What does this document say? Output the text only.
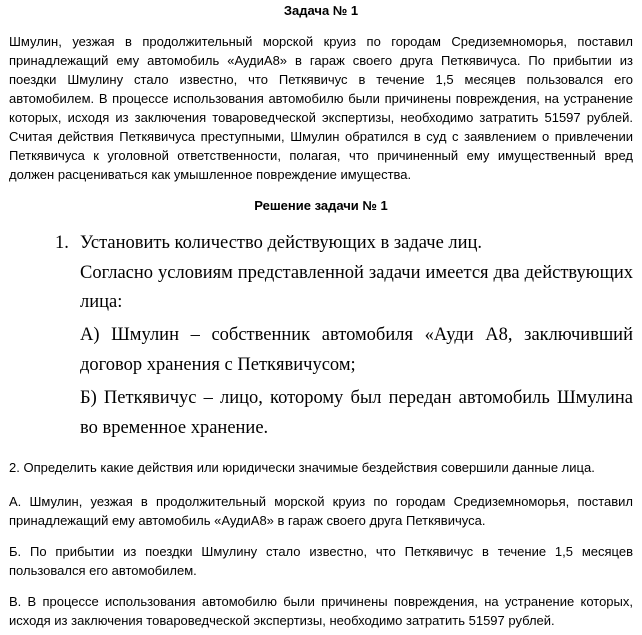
Задача № 1
Шмулин, уезжая в продолжительный морской круиз по городам Средиземноморья, поставил принадлежащий ему автомобиль «АудиА8» в гараж своего друга Петкявичуса. По прибытии из поездки Шмулину стало известно, что Петкявичус в течение 1,5 месяцев пользовался его автомобилем. В процессе использования автомобилю были причинены повреждения, на устранение которых, исходя из заключения товароведческой экспертизы, необходимо затратить 51597 рублей. Считая действия Петкявичуса преступными, Шмулин обратился в суд с заявлением о привлечении Петкявичуса к уголовной ответственности, полагая, что причиненный ему имущественный вред должен расцениваться как умышленное повреждение имущества.
Решение задачи № 1
1. Установить количество действующих в задаче лиц.
Согласно условиям представленной задачи имеется два действующих
лица:
А) Шмулин – собственник автомобиля «Ауди А8, заключивший
договор хранения с Петкявичусом;
Б) Петкявичус – лицо, которому был передан автомобиль Шмулина
во временное хранение.
2. Определить какие действия или юридически значимые бездействия совершили данные лица.
А. Шмулин, уезжая в продолжительный морской круиз по городам Средиземноморья, поставил принадлежащий ему автомобиль «АудиА8» в гараж своего друга Петкявичуса.
Б. По прибытии из поездки Шмулину стало известно, что Петкявичус в течение 1,5 месяцев пользовался его автомобилем.
В. В процессе использования автомобилю были причинены повреждения, на устранение которых, исходя из заключения товароведческой экспертизы, необходимо затратить 51597 рублей.
